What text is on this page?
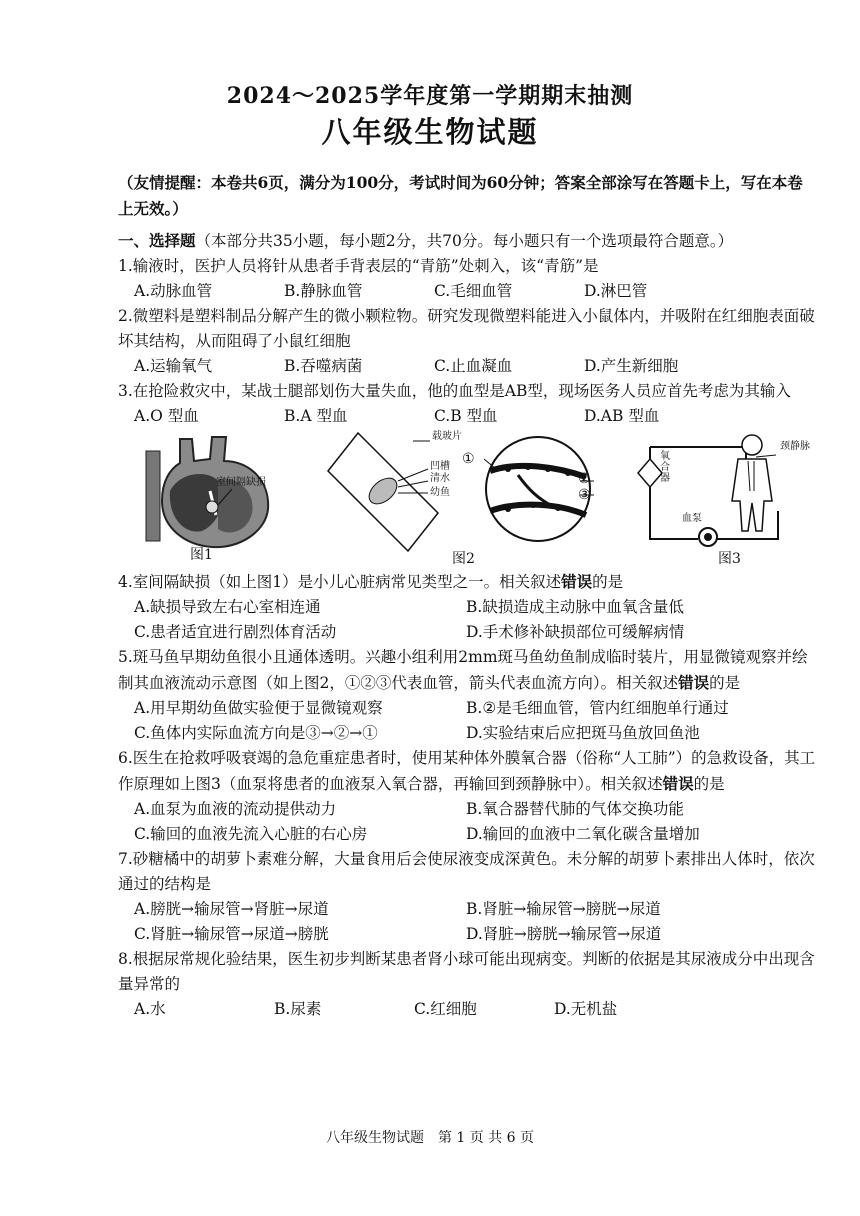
2024～2025学年度第一学期期末抽测
八年级生物试题
（友情提醒：本卷共6页，满分为100分，考试时间为60分钟；答案全部涂写在答题卡上，写在本卷上无效。）
一、选择题（本部分共35小题，每小题2分，共70分。每小题只有一个选项最符合题意。）

1.输液时，医护人员将针从患者手背表层的“青筋”处刺入，该“青筋”是

A.动脉血管	B.静脉血管	C.毛细血管	D.淋巴管

2.微塑料是塑料制品分解产生的微小颗粒物。研究发现微塑料能进入小鼠体内，并吸附在红细胞表面破坏其结构，从而阻碍了小鼠红细胞

A.运输氧气	B.吞噬病菌	C.止血凝血	D.产生新细胞

3.在抢险救灾中，某战士腿部划伤大量失血，他的血型是AB型，现场医务人员应首先考虑为其输入

A.O 型血	B.A 型血	C.B 型血	D.AB 型血
室间隔缺损
图1
载玻片
凹槽
清水
幼鱼
①
②
③
图2
颈静脉
氧合器
血泵
图3

4.室间隔缺损（如上图1）是小儿心脏病常见类型之一。相关叙述错误的是

A.缺损导致左右心室相连通	B.缺损造成主动脉中血氧含量低
C.患者适宜进行剧烈体育活动	D.手术修补缺损部位可缓解病情

5.斑马鱼早期幼鱼很小且通体透明。兴趣小组利用2mm斑马鱼幼鱼制成临时装片，用显微镜观察并绘制其血液流动示意图（如上图2，①②③代表血管，箭头代表血流方向）。相关叙述错误的是

A.用早期幼鱼做实验便于显微镜观察	B.②是毛细血管，管内红细胞单行通过
C.鱼体内实际血流方向是③→②→①	D.实验结束后应把斑马鱼放回鱼池

6.医生在抢救呼吸衰竭的急危重症患者时，使用某种体外膜氧合器（俗称“人工肺”）的急救设备，其工作原理如上图3（血泵将患者的血液泵入氧合器，再输回到颈静脉中）。相关叙述错误的是

A.血泵为血液的流动提供动力	B.氧合器替代肺的气体交换功能
C.输回的血液先流入心脏的右心房	D.输回的血液中二氧化碳含量增加

7.砂糖橘中的胡萝卜素难分解，大量食用后会使尿液变成深黄色。未分解的胡萝卜素排出人体时，依次通过的结构是

A.膀胱→输尿管→肾脏→尿道	B.肾脏→输尿管→膀胱→尿道
C.肾脏→输尿管→尿道→膀胱	D.肾脏→膀胱→输尿管→尿道

8.根据尿常规化验结果，医生初步判断某患者肾小球可能出现病变。判断的依据是其尿液成分中出现含量异常的

A.水	B.尿素	C.红细胞	D.无机盐
八年级生物试题　第 1 页 共 6 页
